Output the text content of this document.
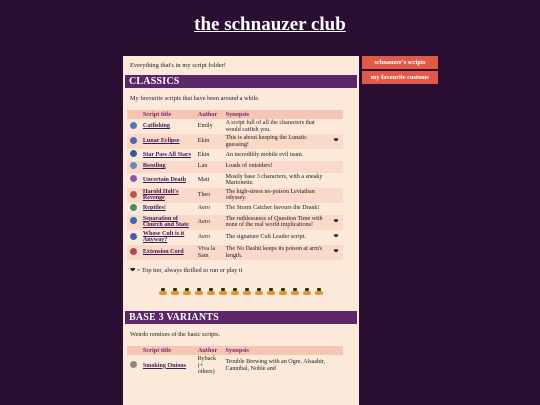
the schnauzer club

Everything that's in my script folder!

CLASSICS

My favourite scripts that have been around a while.

	Script title	Author	Synopsis	
	Catfishing	Emily	A script full of all the characters that would catfish you.	
	Lunar Eclipse	Ekin	This is about keeping the Lunatic guessing!	❤
	Star Pass All Stars	Ekin	An incredibly mobile evil team.	
	Boozling	Lau	Loads of outsiders!	
	Uncertain Death	Matt	Mostly base 3 characters, with a sneaky Marionette.	
	Harold Holt's Revenge	Theo	The high-stress no-poison Leviathan odyssey.	
	Reptiles!	Aero	The Storm Catcher favours the Drank!	
	Separation of Church and State	Aero	The ruthlessness of Question Time with none of the real world implications!	❤
	Whose Cult is it Anyway?	Aero	The signature Cult Leader script.	❤
	Extension Cord	Viva la Sam	The No Dashii keeps its poison at arm's length.	❤

❤ = Top tier, always thrilled to run or play it

BASE 3 VARIANTS

Weirdo remixes of the basic scripts.

	Script title	Author	Synopsis	
	Smoking Onions	Ryback (+ others)	Trouble Brewing with an Ogre, Alsaahir, Cannibal, Noble and	
schnauzer's scripts
my favourite customs
